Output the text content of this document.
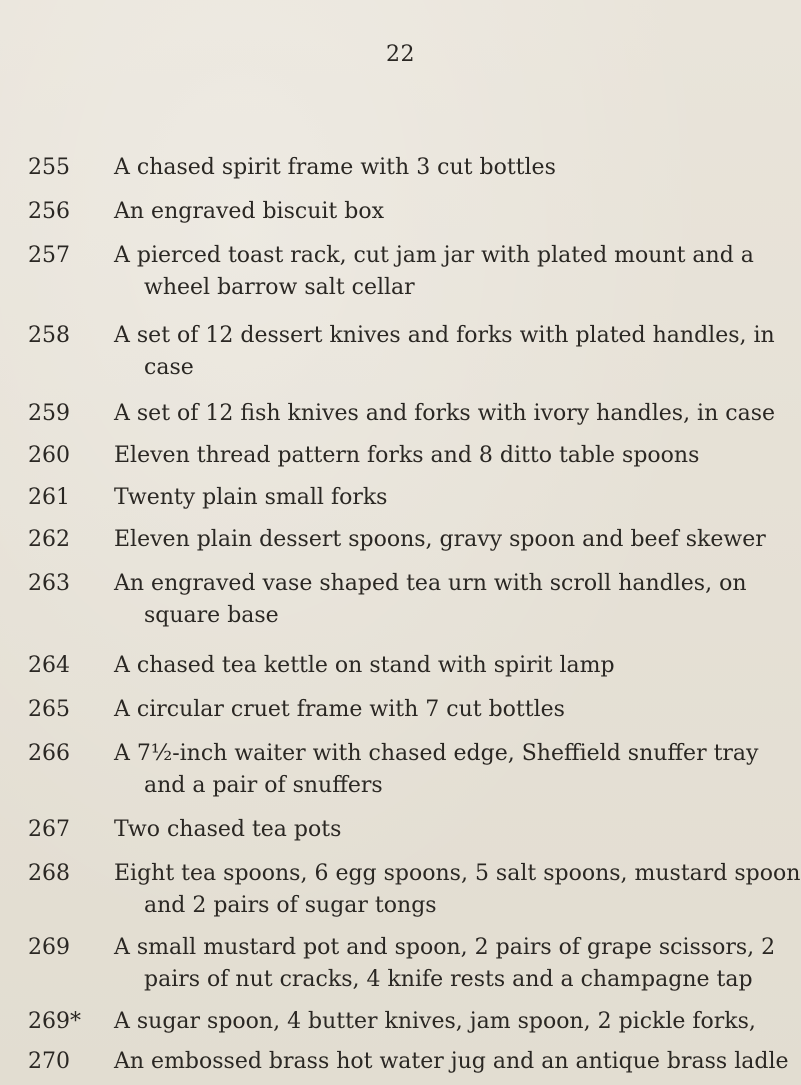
22
255	A chased spirit frame with 3 cut bottles
256	An engraved biscuit box
257	A pierced toast rack, cut jam jar with plated mount and a
wheel barrow salt cellar
258	A set of 12 dessert knives and forks with plated handles, in
case
259	A set of 12 fish knives and forks with ivory handles, in case
260	Eleven thread pattern forks and 8 ditto table spoons
261	Twenty plain small forks
262	Eleven plain dessert spoons, gravy spoon and beef skewer
263	An engraved vase shaped tea urn with scroll handles, on
square base
264	A chased tea kettle on stand with spirit lamp
265	A circular cruet frame with 7 cut bottles
266	A 7½-inch waiter with chased edge, Sheffield snuffer tray
and a pair of snuffers
267	Two chased tea pots
268	Eight tea spoons, 6 egg spoons, 5 salt spoons, mustard spoon
and 2 pairs of sugar tongs
269	A small mustard pot and spoon, 2 pairs of grape scissors, 2
pairs of nut cracks, 4 knife rests and a champagne tap
269*	A sugar spoon, 4 butter knives, jam spoon, 2 pickle forks,
270	An embossed brass hot water jug and an antique brass ladle
